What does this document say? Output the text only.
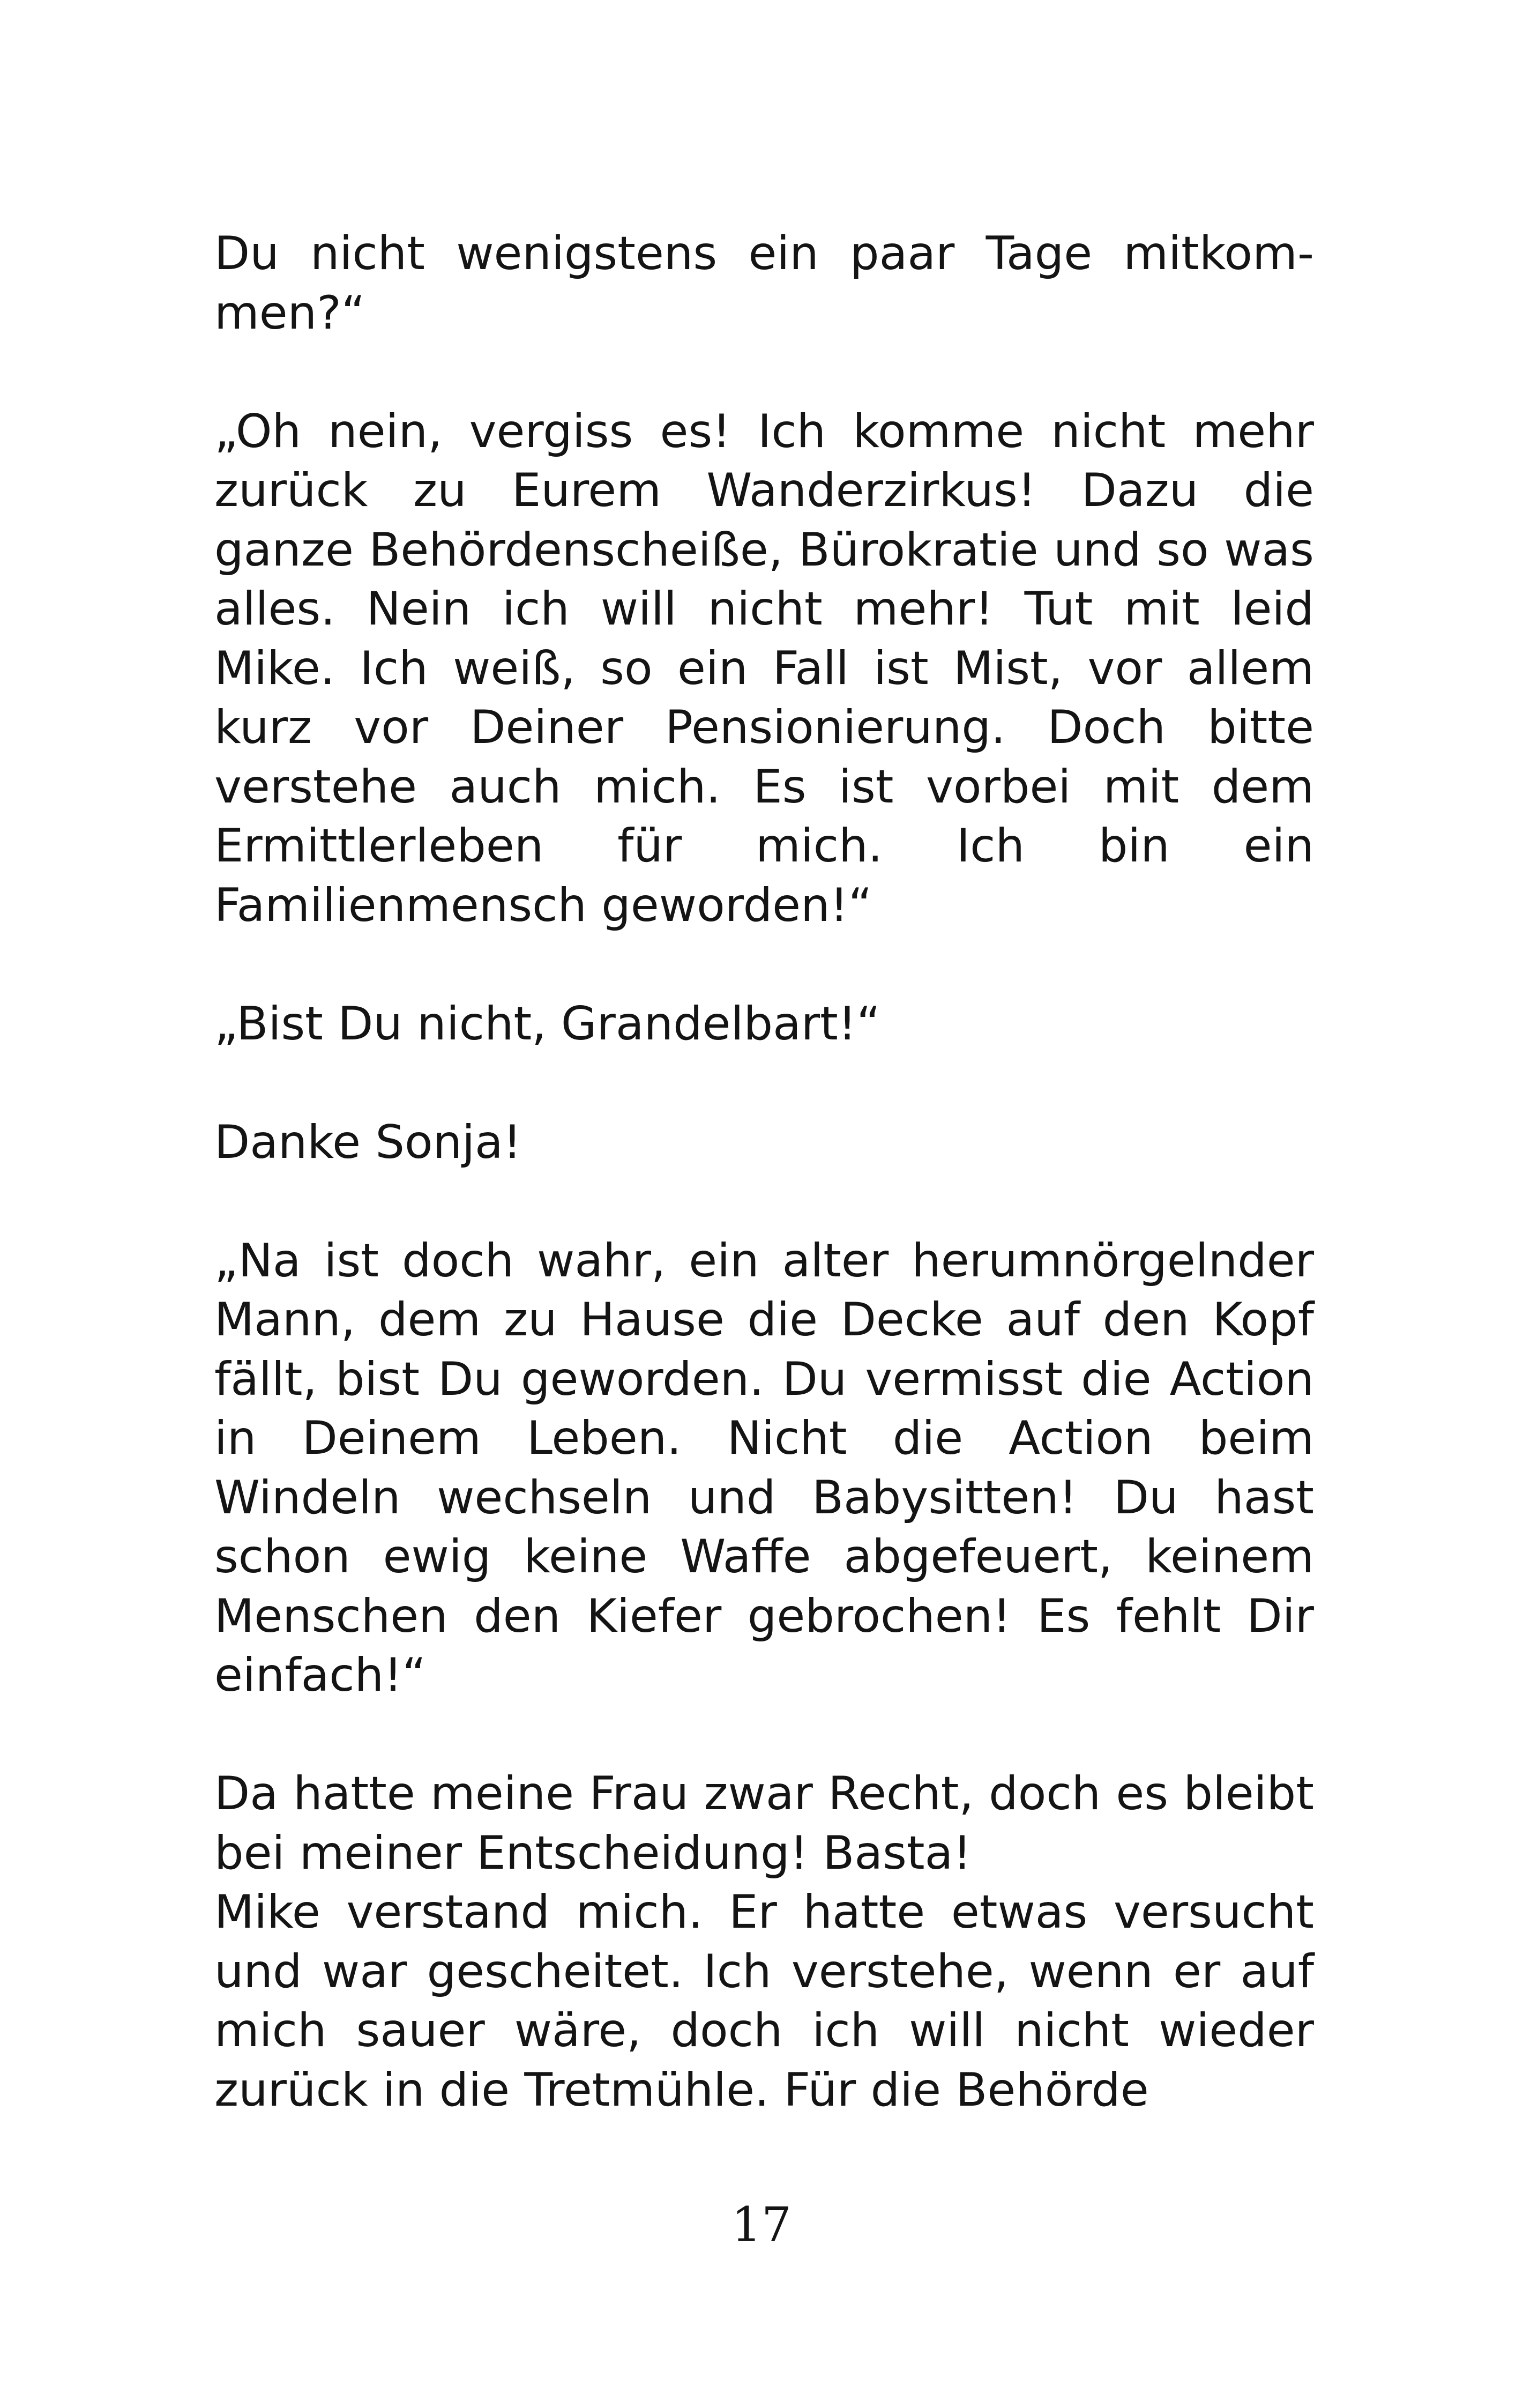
Du nicht wenigstens ein paar Tage mitkommen?“

„Oh nein, vergiss es! Ich komme nicht mehr zurück zu Eurem Wanderzirkus! Dazu die ganze Behördenscheiße, Bürokratie und so was alles. Nein ich will nicht mehr! Tut mit leid Mike. Ich weiß, so ein Fall ist Mist, vor allem kurz vor Deiner Pensionierung. Doch bitte verstehe auch mich. Es ist vorbei mit dem Ermittlerleben für mich. Ich bin ein Familienmensch geworden!“

„Bist Du nicht, Grandelbart!“

Danke Sonja!

„Na ist doch wahr, ein alter herumnörgelnder Mann, dem zu Hause die Decke auf den Kopf fällt, bist Du geworden. Du vermisst die Action in Deinem Leben. Nicht die Action beim Windeln wechseln und Babysitten! Du hast schon ewig keine Waffe abgefeuert, keinem Menschen den Kiefer gebrochen! Es fehlt Dir einfach!“

Da hatte meine Frau zwar Recht, doch es bleibt bei meiner Entscheidung! Basta!

Mike verstand mich. Er hatte etwas versucht und war gescheitet. Ich verstehe, wenn er auf mich sauer wäre, doch ich will nicht wieder zurück in die Tretmühle. Für die Behörde

17
